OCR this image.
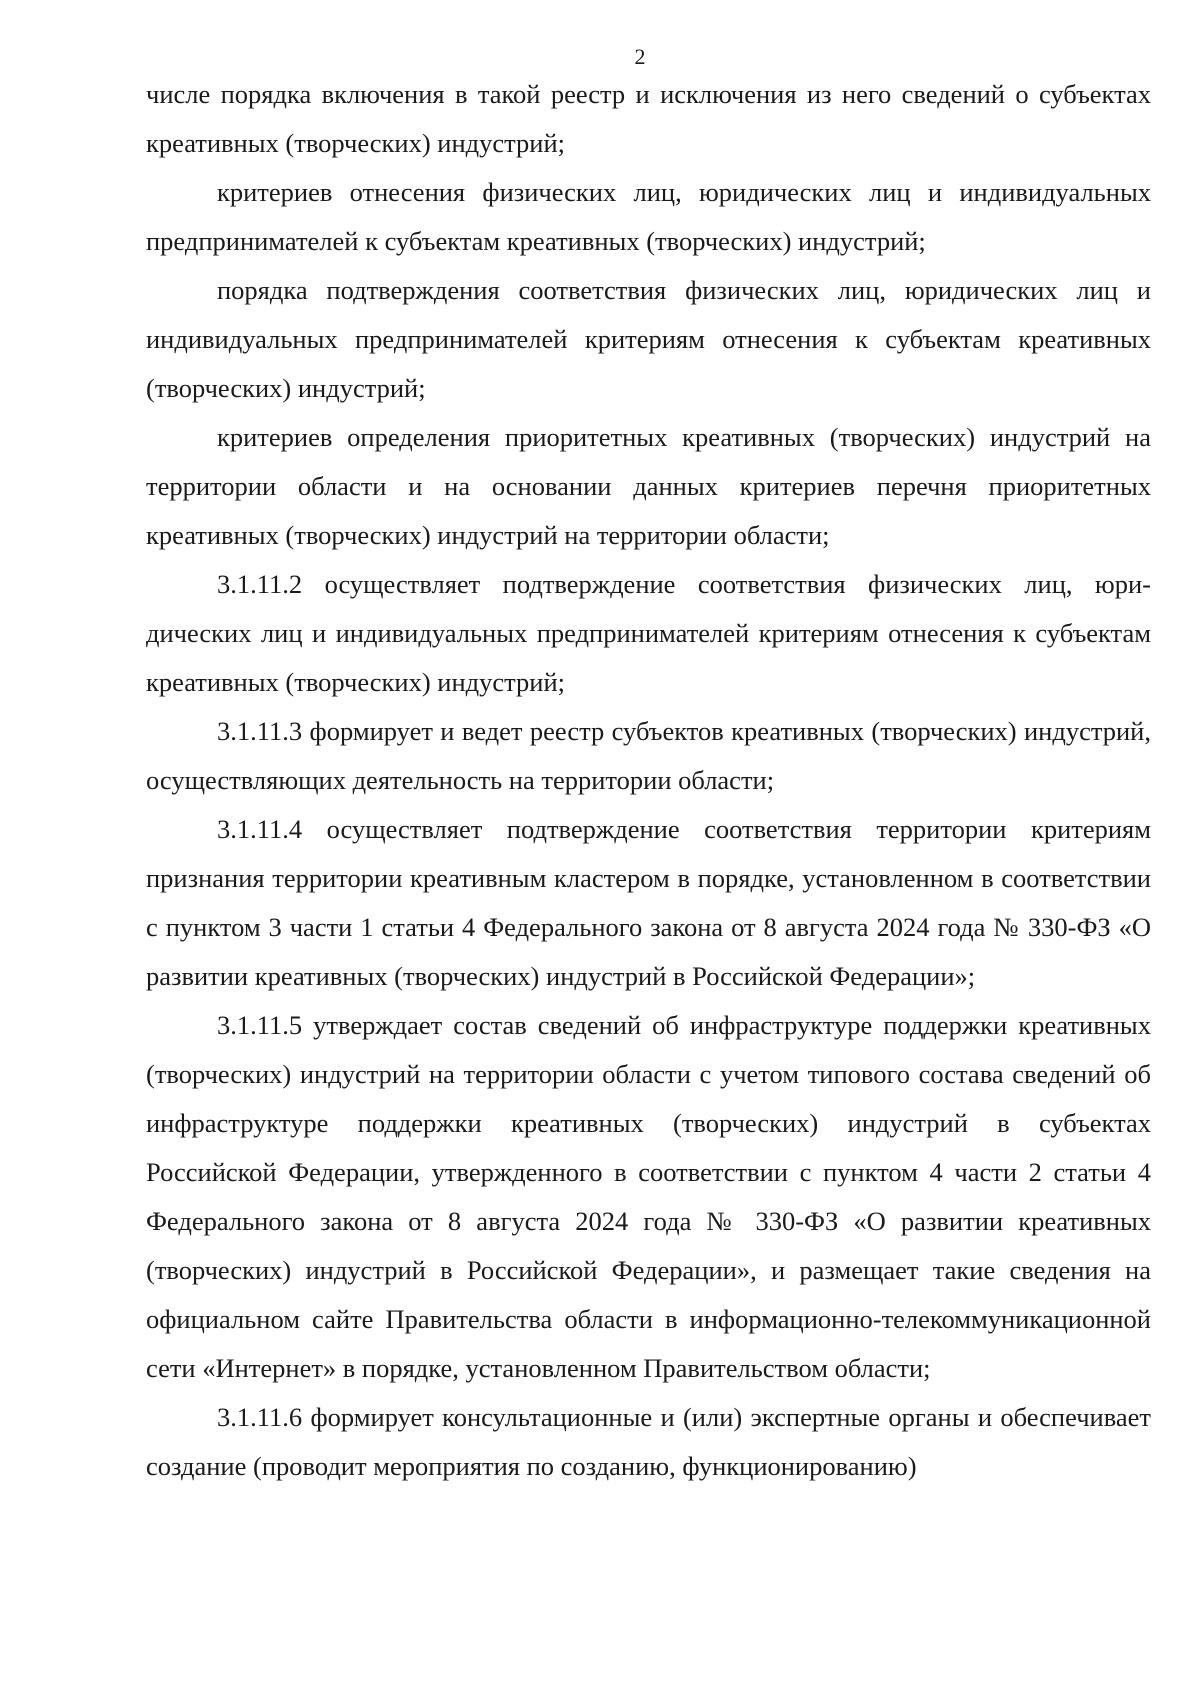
2

числе порядка включения в такой реестр и исключения из него сведений о субъектах креативных (творческих) индустрий;

критериев отнесения физических лиц, юридических лиц и индивидуальных предпринимателей к субъектам креативных (творческих) индустрий;

порядка подтверждения соответствия физических лиц, юридических лиц и индивидуальных предпринимателей критериям отнесения к субъектам креативных (творческих) индустрий;

критериев определения приоритетных креативных (творческих) индустрий на территории области и на основании данных критериев перечня приоритетных креативных (творческих) индустрий на территории области;

3.1.11.2 осуществляет подтверждение соответствия физических лиц, юридических лиц и индивидуальных предпринимателей критериям отнесения к субъектам креативных (творческих) индустрий;

3.1.11.3 формирует и ведет реестр субъектов креативных (творческих) индустрий, осуществляющих деятельность на территории области;

3.1.11.4 осуществляет подтверждение соответствия территории критериям признания территории креативным кластером в порядке, установленном в соответствии с пунктом 3 части 1 статьи 4 Федерального закона от 8 августа 2024 года № 330-ФЗ «О развитии креативных (творческих) индустрий в Российской Федерации»;

3.1.11.5 утверждает состав сведений об инфраструктуре поддержки креативных (творческих) индустрий на территории области с учетом типового состава сведений об инфраструктуре поддержки креативных (творческих) индустрий в субъектах Российской Федерации, утвержденного в соответствии с пунктом 4 части 2 статьи 4 Федерального закона от 8 августа 2024 года № 330-ФЗ «О развитии креативных (творческих) индустрий в Российской Федерации», и размещает такие сведения на официальном сайте Правительства области в информационно-телекоммуникационной сети «Интернет» в порядке, установленном Правительством области;

3.1.11.6 формирует консультационные и (или) экспертные органы и обеспечивает создание (проводит мероприятия по созданию, функционированию)
